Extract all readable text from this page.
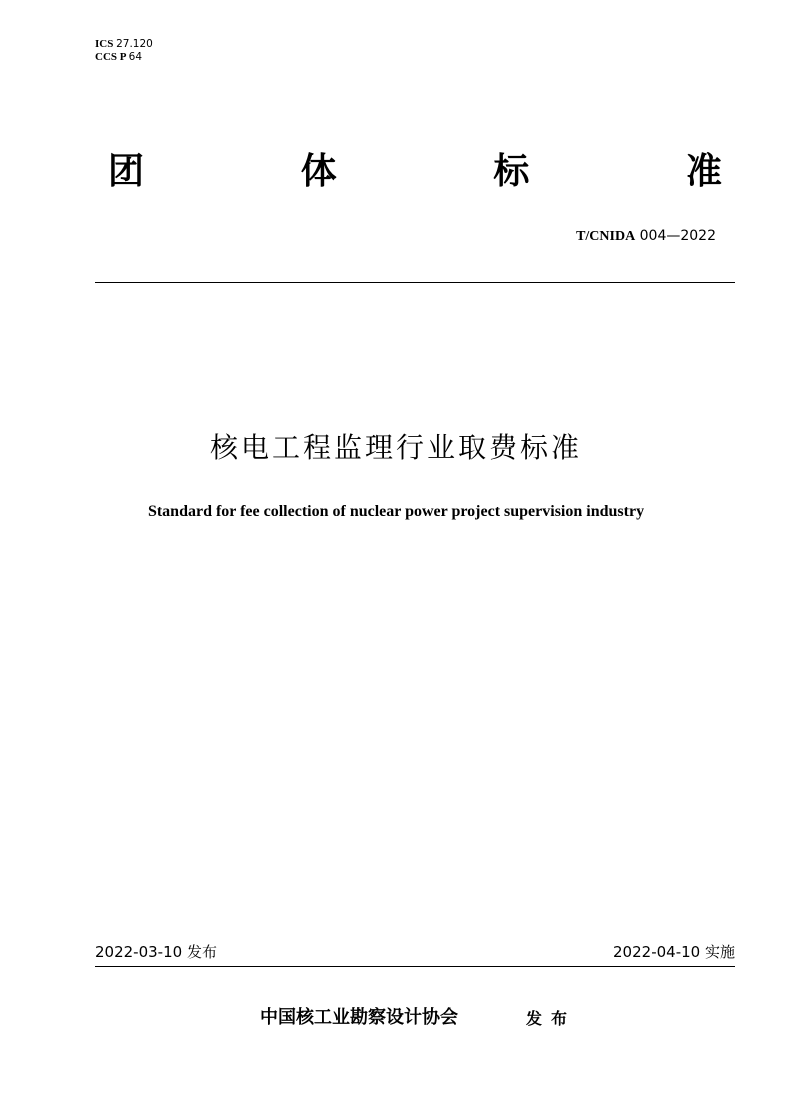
ICS 27.120
CCS P 64
团	体	标	准
T/CNIDA 004—2022
核电工程监理行业取费标准
Standard for fee collection of nuclear power project supervision industry
2022-03-10 发布	2022-04-10 实施
中国核工业勘察设计协会	发布
